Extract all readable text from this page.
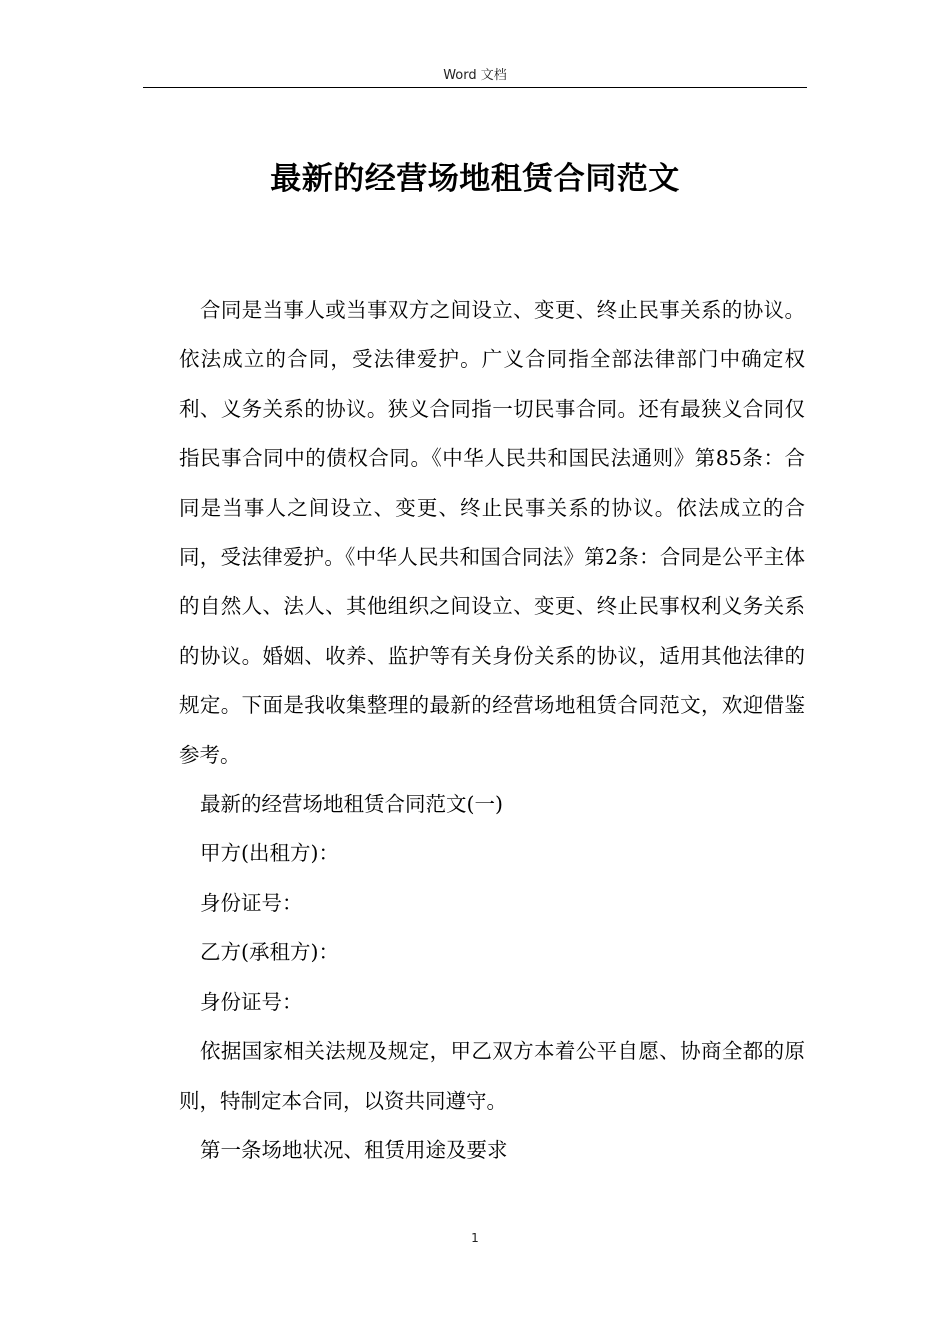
Word 文档
最新的经营场地租赁合同范文

合同是当事人或当事双方之间设立、变更、终止民事关系的协议。依法成立的合同，受法律爱护。广义合同指全部法律部门中确定权利、义务关系的协议。狭义合同指一切民事合同。还有最狭义合同仅指民事合同中的债权合同。《中华人民共和国民法通则》第85条：合同是当事人之间设立、变更、终止民事关系的协议。依法成立的合同，受法律爱护。《中华人民共和国合同法》第2条：合同是公平主体的自然人、法人、其他组织之间设立、变更、终止民事权利义务关系的协议。婚姻、收养、监护等有关身份关系的协议，适用其他法律的规定。下面是我收集整理的最新的经营场地租赁合同范文，欢迎借鉴参考。

最新的经营场地租赁合同范文(一)

甲方(出租方)：

身份证号：

乙方(承租方)：

身份证号：

依据国家相关法规及规定，甲乙双方本着公平自愿、协商全都的原则，特制定本合同，以资共同遵守。

第一条场地状况、租赁用途及要求

1
